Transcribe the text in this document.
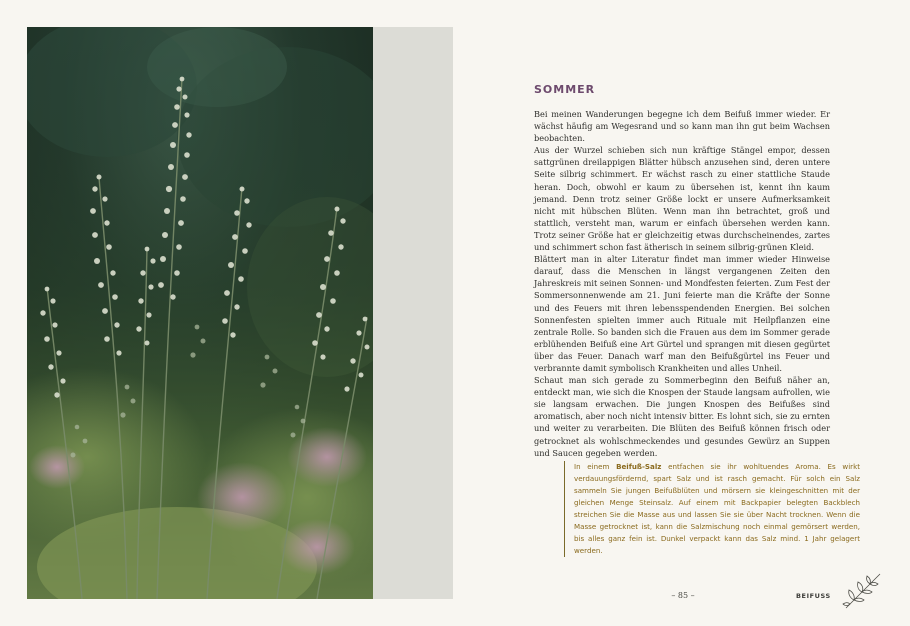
SOMMER

Bei meinen Wanderungen begegne ich dem Beifuß immer wieder. Er wächst häufig am Wegesrand und so kann man ihn gut beim Wachsen beobachten.

Aus der Wurzel schieben sich nun kräftige Stängel empor, dessen sattgrünen dreilappigen Blätter hübsch anzusehen sind, deren untere Seite silbrig schimmert. Er wächst rasch zu einer stattliche Staude heran. Doch, obwohl er kaum zu übersehen ist, kennt ihn kaum jemand. Denn trotz seiner Größe lockt er unsere Aufmerksamkeit nicht mit hübschen Blüten. Wenn man ihn betrachtet, groß und stattlich, versteht man, warum er einfach übersehen werden kann. Trotz seiner Größe hat er gleichzeitig etwas durchscheinendes, zartes und schimmert schon fast ätherisch in seinem silbrig-grünen Kleid.

Blättert man in alter Literatur findet man immer wieder Hinweise darauf, dass die Menschen in längst vergangenen Zeiten den Jahreskreis mit seinen Sonnen- und Mondfesten feierten. Zum Fest der Sommersonnenwende am 21. Juni feierte man die Kräfte der Sonne und des Feuers mit ihren lebensspendenden Energien. Bei solchen Sonnenfesten spielten immer auch Rituale mit Heilpflanzen eine zentrale Rolle. So banden sich die Frauen aus dem im Sommer gerade erblühenden Beifuß eine Art Gürtel und sprangen mit diesen gegürtet über das Feuer. Danach warf man den Beifußgürtel ins Feuer und verbrannte damit symbolisch Krankheiten und alles Unheil.

Schaut man sich gerade zu Sommerbeginn den Beifuß näher an, entdeckt man, wie sich die Knospen der Staude langsam aufrollen, wie sie langsam erwachen. Die jungen Knospen des Beifußes sind aromatisch, aber noch nicht intensiv bitter. Es lohnt sich, sie zu ernten und weiter zu verarbeiten. Die Blüten des Beifuß können frisch oder getrocknet als wohlschmeckendes und gesundes Gewürz an Suppen und Saucen gegeben werden.

In einem Beifuß-Salz entfachen sie ihr wohltuendes Aroma. Es wirkt verdauungsfördernd, spart Salz und ist rasch gemacht. Für solch ein Salz sammeln Sie jungen Beifußblüten und mörsern sie kleingeschnitten mit der gleichen Menge Steinsalz. Auf einem mit Backpapier belegten Backblech streichen Sie die Masse aus und lassen Sie sie über Nacht trocknen. Wenn die Masse getrocknet ist, kann die Salzmischung noch einmal gemörsert werden, bis alles ganz fein ist. Dunkel verpackt kann das Salz mind. 1 Jahr gelagert werden.
– 85 –	BEIFUSS
